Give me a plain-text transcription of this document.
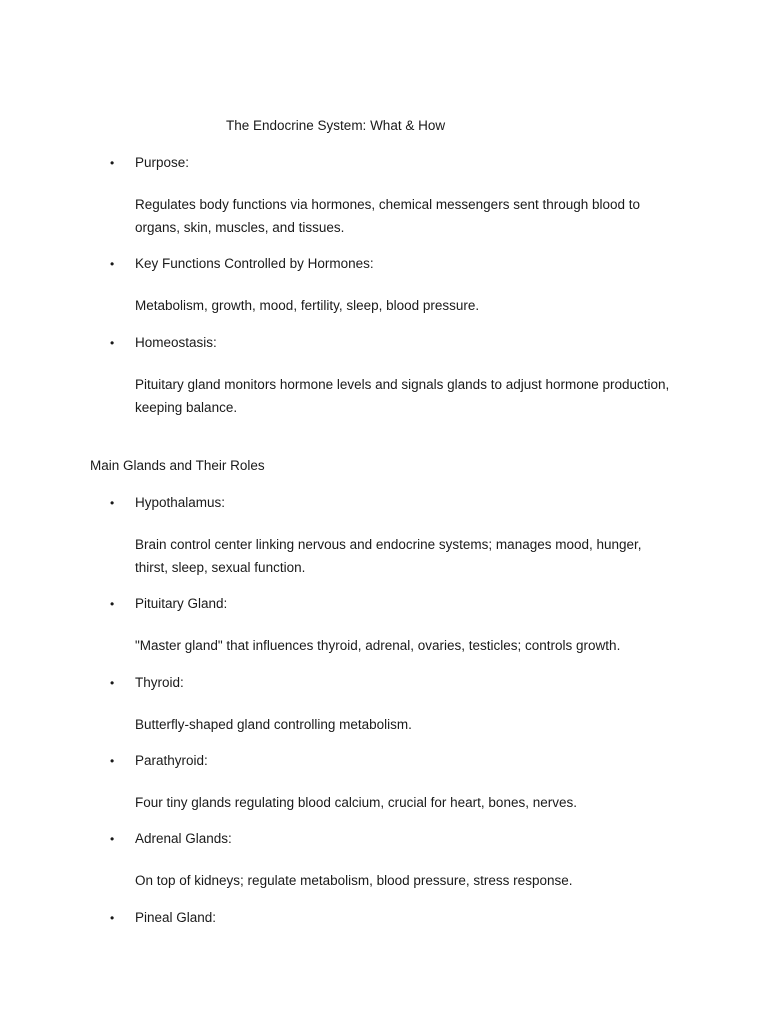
The Endocrine System: What & How
• Purpose:
Regulates body functions via hormones, chemical messengers sent through blood to organs, skin, muscles, and tissues.
• Key Functions Controlled by Hormones:
Metabolism, growth, mood, fertility, sleep, blood pressure.
• Homeostasis:
Pituitary gland monitors hormone levels and signals glands to adjust hormone production, keeping balance.
Main Glands and Their Roles
• Hypothalamus:
Brain control center linking nervous and endocrine systems; manages mood, hunger, thirst, sleep, sexual function.
• Pituitary Gland:
"Master gland" that influences thyroid, adrenal, ovaries, testicles; controls growth.
• Thyroid:
Butterfly-shaped gland controlling metabolism.
• Parathyroid:
Four tiny glands regulating blood calcium, crucial for heart, bones, nerves.
• Adrenal Glands:
On top of kidneys; regulate metabolism, blood pressure, stress response.
• Pineal Gland:
